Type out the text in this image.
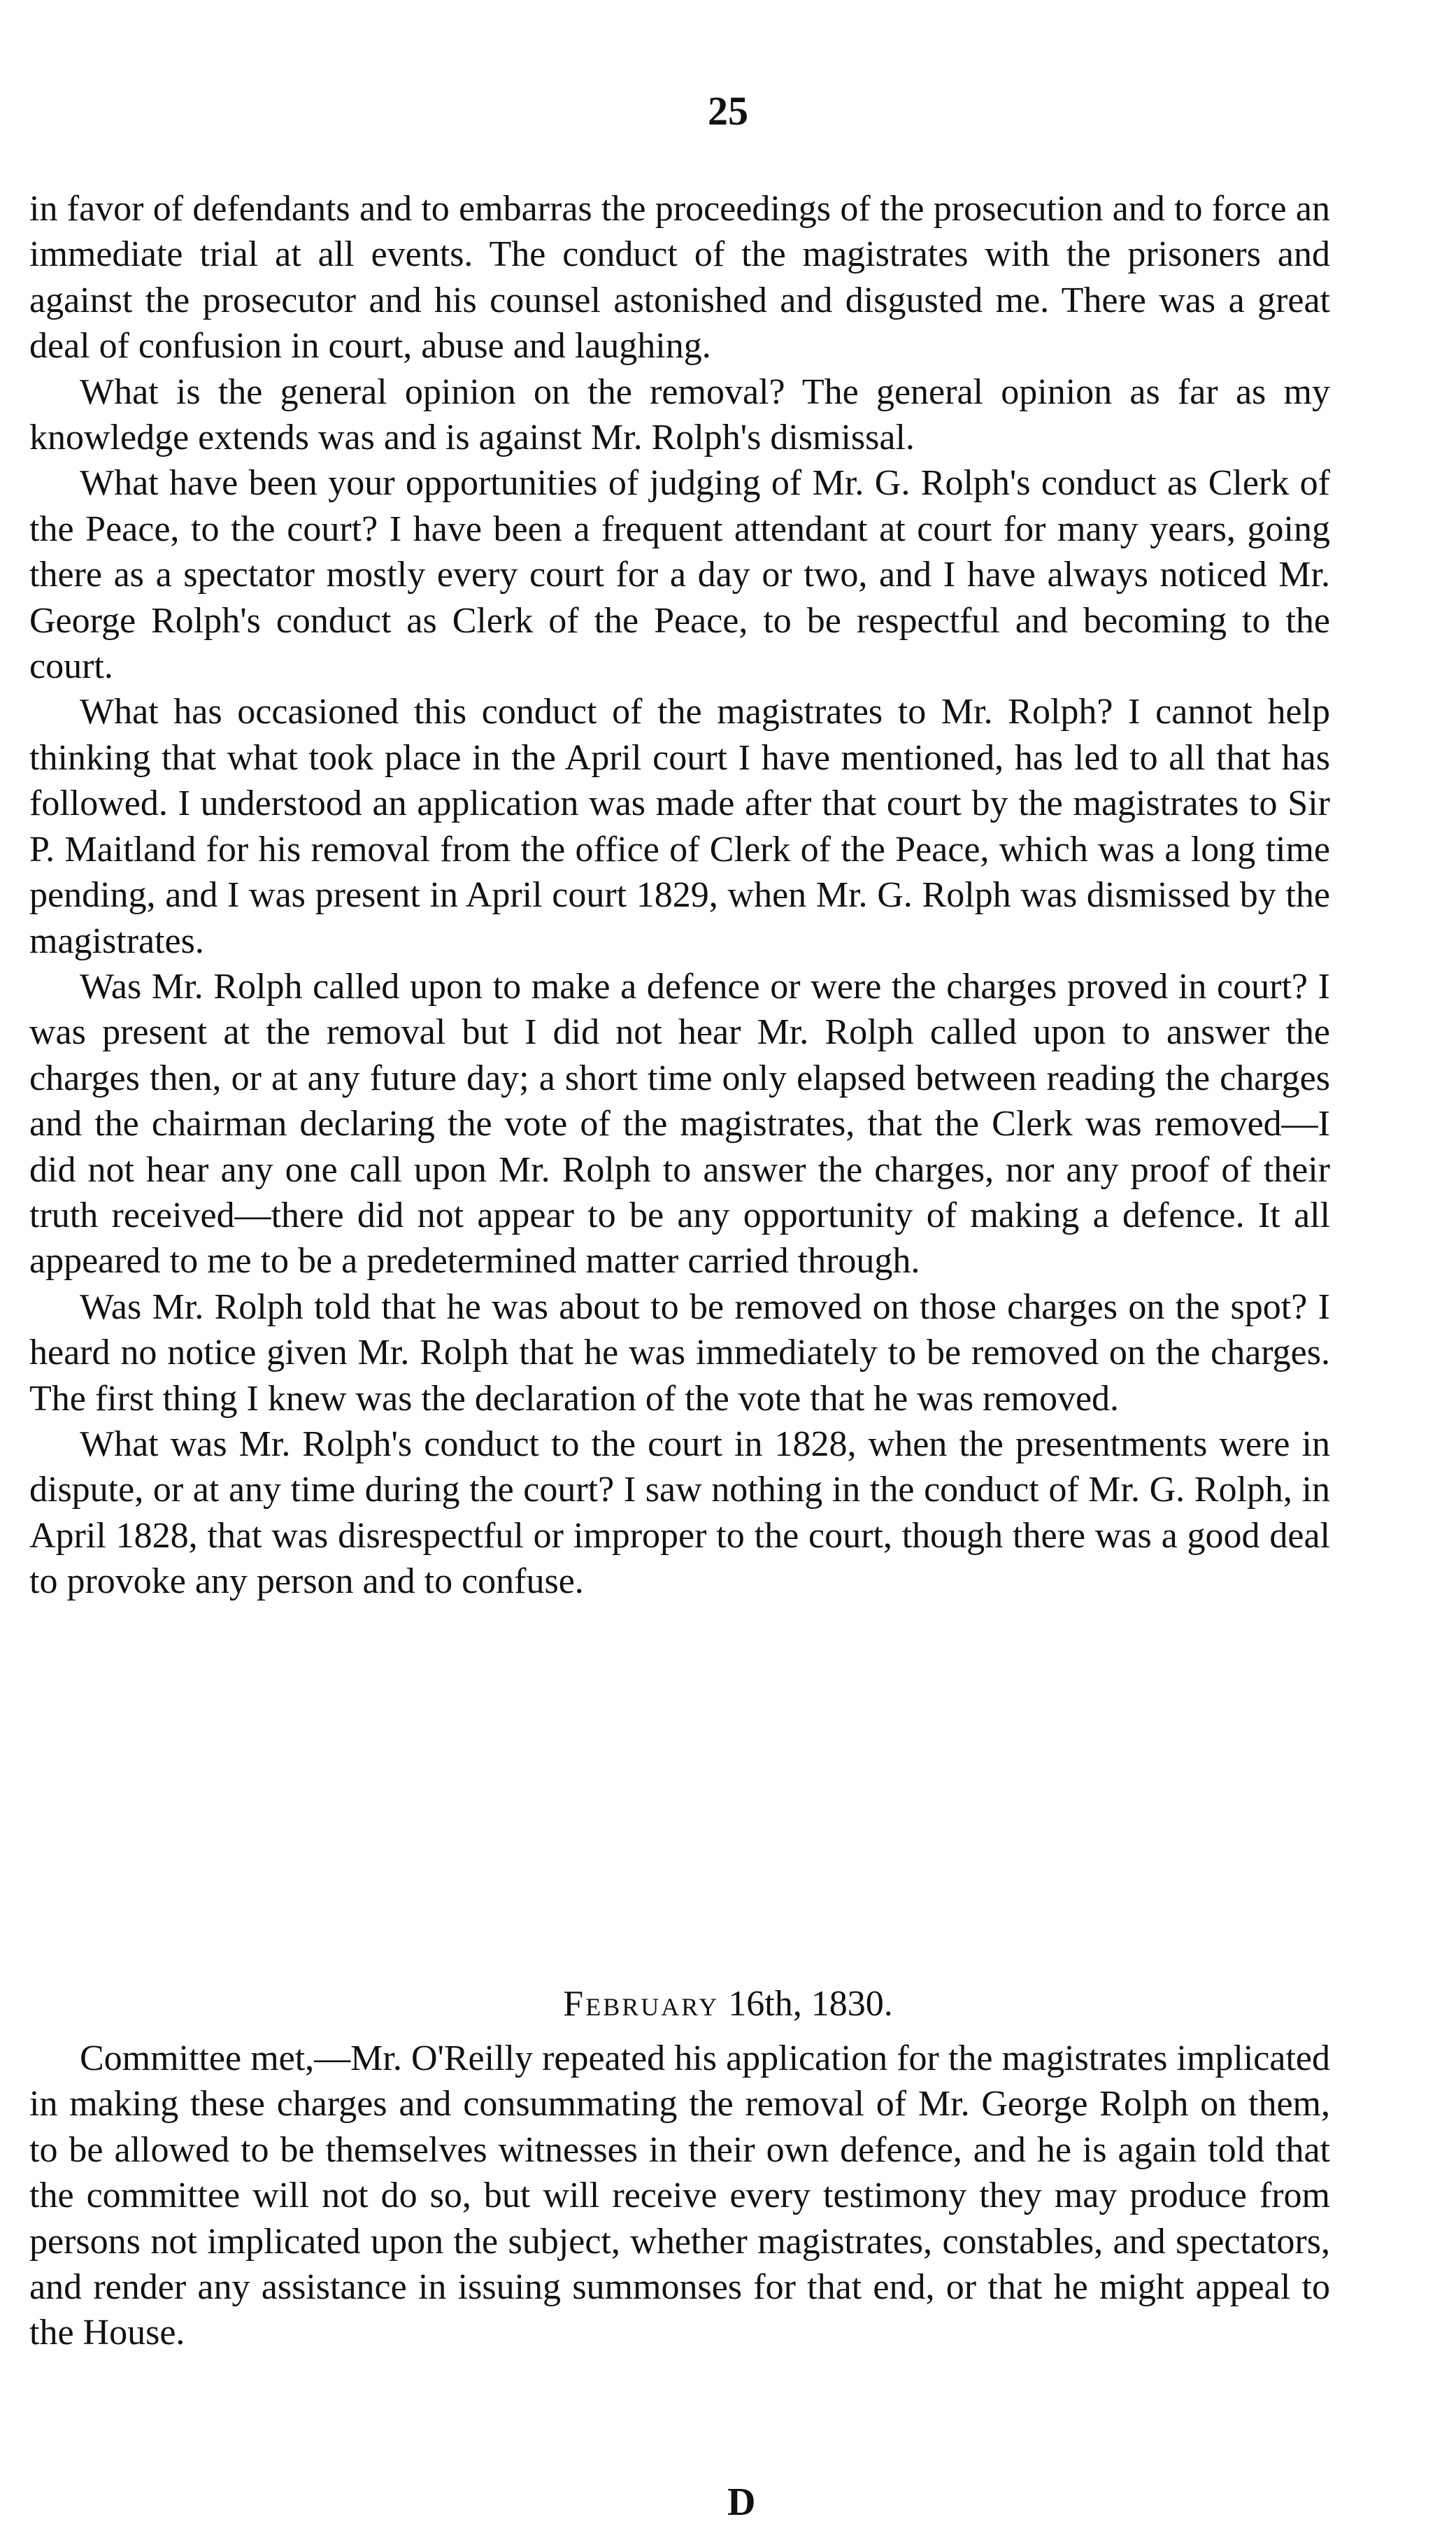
25

in favor of defendants and to embarras the proceedings of the prosecution and to force an immediate trial at all events. The conduct of the magistrates with the prisoners and against the prosecutor and his counsel astonished and disgusted me. There was a great deal of confusion in court, abuse and laughing.

What is the general opinion on the removal? The general opinion as far as my knowledge extends was and is against Mr. Rolph's dismissal.

What have been your opportunities of judging of Mr. G. Rolph's conduct as Clerk of the Peace, to the court? I have been a frequent attendant at court for many years, going there as a spectator mostly every court for a day or two, and I have always noticed Mr. George Rolph's conduct as Clerk of the Peace, to be respectful and becoming to the court.

What has occasioned this conduct of the magistrates to Mr. Rolph? I cannot help thinking that what took place in the April court I have mentioned, has led to all that has followed. I understood an application was made after that court by the magistrates to Sir P. Maitland for his removal from the office of Clerk of the Peace, which was a long time pending, and I was present in April court 1829, when Mr. G. Rolph was dismissed by the magistrates.

Was Mr. Rolph called upon to make a defence or were the charges proved in court? I was present at the removal but I did not hear Mr. Rolph called upon to answer the charges then, or at any future day; a short time only elapsed between reading the charges and the chairman declaring the vote of the magistrates, that the Clerk was removed—I did not hear any one call upon Mr. Rolph to answer the charges, nor any proof of their truth received—there did not appear to be any opportunity of making a defence. It all appeared to me to be a predetermined matter carried through.

Was Mr. Rolph told that he was about to be removed on those charges on the spot? I heard no notice given Mr. Rolph that he was immediately to be removed on the charges. The first thing I knew was the declaration of the vote that he was removed.

What was Mr. Rolph's conduct to the court in 1828, when the presentments were in dispute, or at any time during the court? I saw nothing in the conduct of Mr. G. Rolph, in April 1828, that was disrespectful or improper to the court, though there was a good deal to provoke any person and to confuse.

February 16th, 1830.

Committee met,—Mr. O'Reilly repeated his application for the magistrates implicated in making these charges and consummating the removal of Mr. George Rolph on them, to be allowed to be themselves witnesses in their own defence, and he is again told that the committee will not do so, but will receive every testimony they may produce from persons not implicated upon the subject, whether magistrates, constables, and spectators, and render any assistance in issuing summonses for that end, or that he might appeal to the House.

D
